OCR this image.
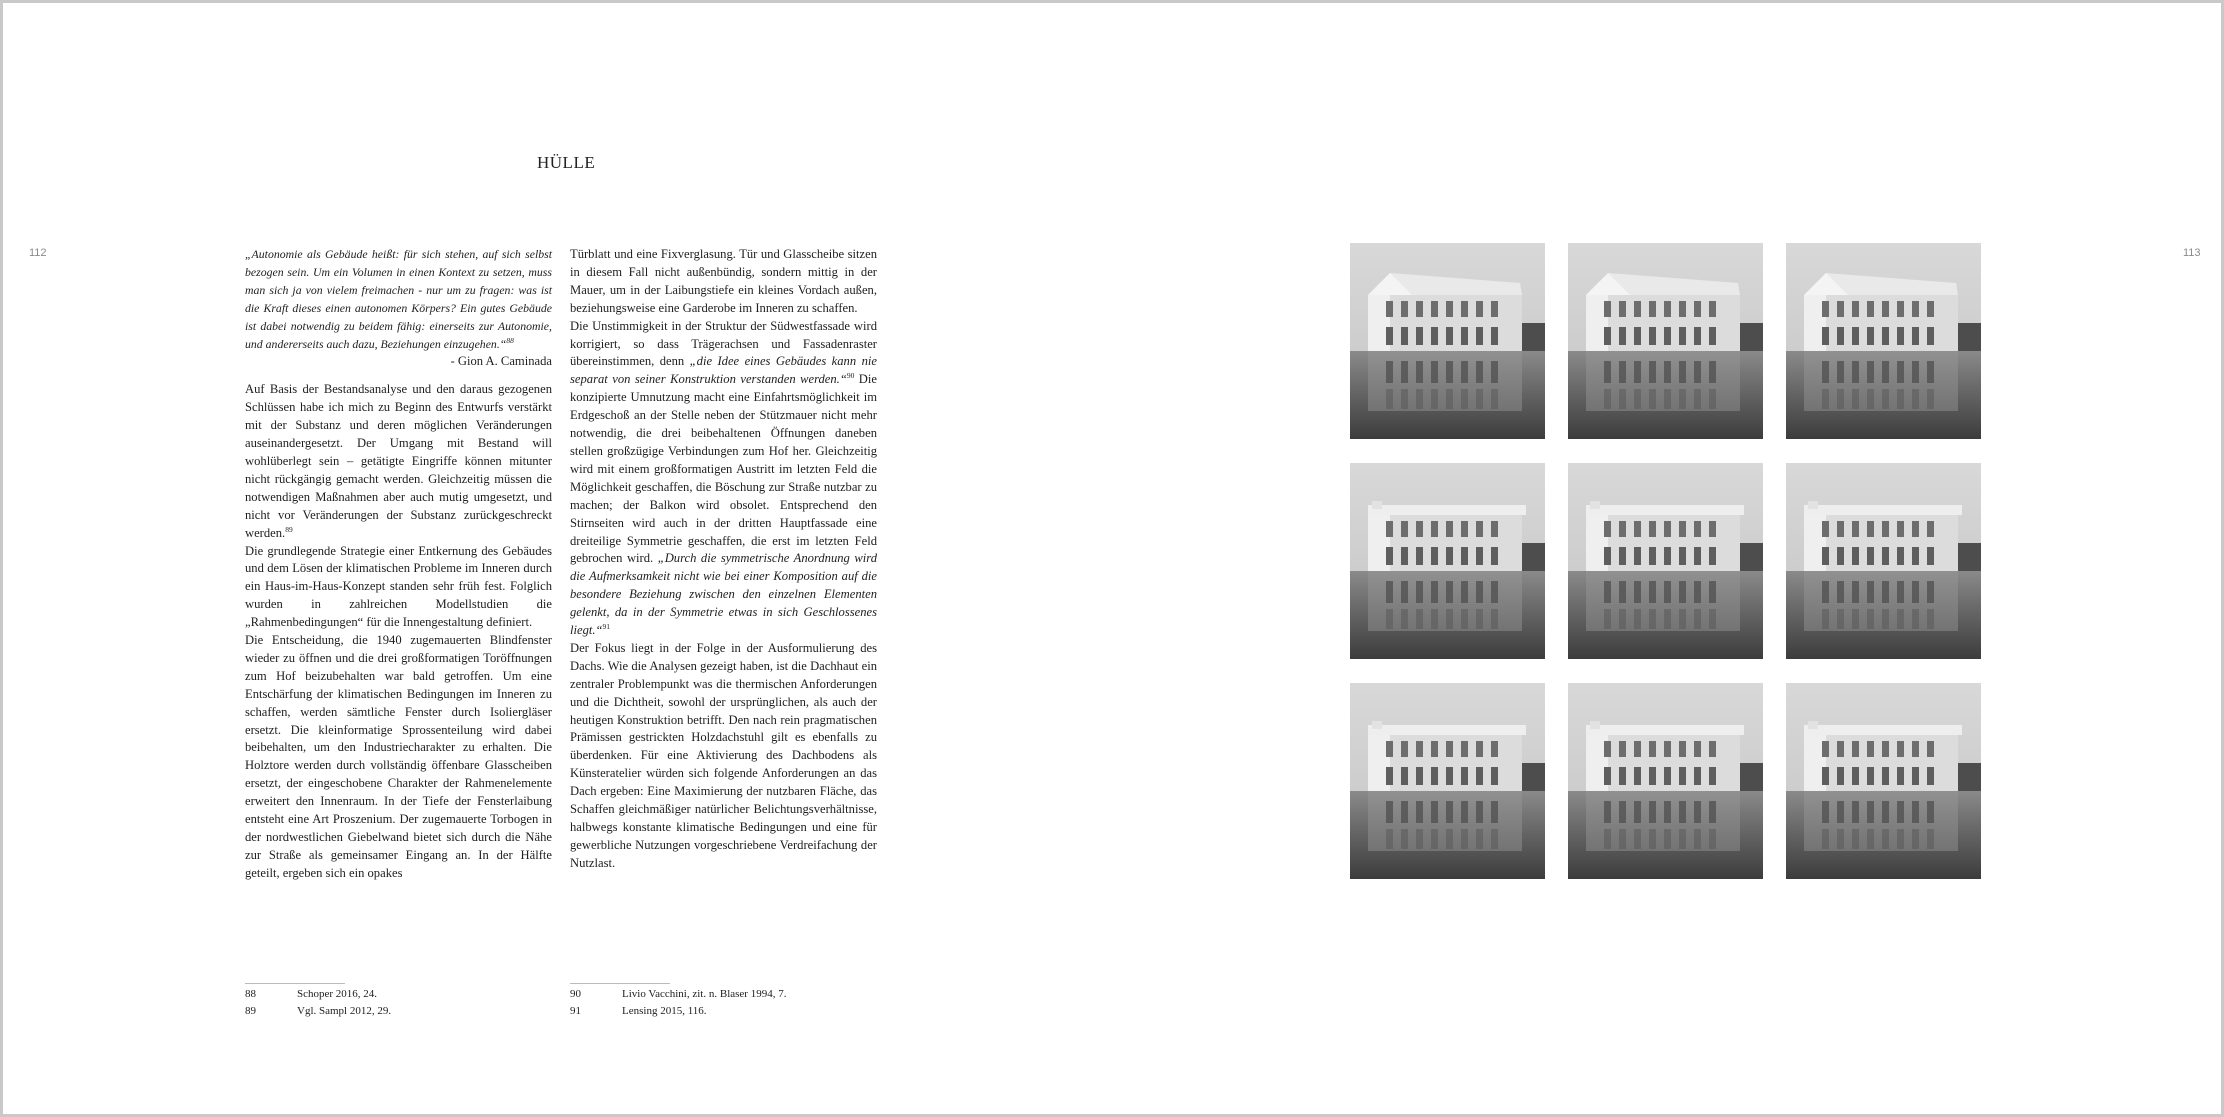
112	113
HÜLLE

„Autonomie als Gebäude heißt: für sich stehen, auf sich selbst bezogen sein. Um ein Volumen in einen Kontext zu setzen, muss man sich ja von vielem freimachen - nur um zu fragen: was ist die Kraft dieses einen autonomen Körpers? Ein gutes Gebäude ist dabei notwendig zu beidem fähig: einerseits zur Autonomie, und andererseits auch dazu, Beziehungen einzugehen.“$^{88}$

- Gion A. Caminada

Auf Basis der Bestandsanalyse und den daraus gezogenen Schlüssen habe ich mich zu Beginn des Entwurfs verstärkt mit der Substanz und deren möglichen Veränderungen auseinandergesetzt. Der Umgang mit Bestand will wohlüberlegt sein – getätigte Eingriffe können mitunter nicht rückgängig gemacht werden. Gleichzeitig müssen die notwendigen Maßnahmen aber auch mutig umgesetzt, und nicht vor Veränderungen der Substanz zurückgeschreckt werden.$^{89}$

Die grundlegende Strategie einer Entkernung des Gebäudes und dem Lösen der klimatischen Probleme im Inneren durch ein Haus-im-Haus-Konzept standen sehr früh fest. Folglich wurden in zahlreichen Modellstudien die „Rahmenbedingungen“ für die Innengestaltung definiert.

Die Entscheidung, die 1940 zugemauerten Blindfenster wieder zu öffnen und die drei großformatigen Toröffnungen zum Hof beizubehalten war bald getroffen. Um eine Entschärfung der klimatischen Bedingungen im Inneren zu schaffen, werden sämtliche Fenster durch Isoliergläser ersetzt. Die kleinformatige Sprossenteilung wird dabei beibehalten, um den Industriecharakter zu erhalten. Die Holztore werden durch vollständig öffenbare Glasscheiben ersetzt, der eingeschobene Charakter der Rahmenelemente erweitert den Innenraum. In der Tiefe der Fensterlaibung entsteht eine Art Proszenium. Der zugemauerte Torbogen in der nordwestlichen Giebelwand bietet sich durch die Nähe zur Straße als gemeinsamer Eingang an. In der Hälfte geteilt, ergeben sich ein opakes

Türblatt und eine Fixverglasung. Tür und Glasscheibe sitzen in diesem Fall nicht außenbündig, sondern mittig in der Mauer, um in der Laibungstiefe ein kleines Vordach außen, beziehungsweise eine Garderobe im Inneren zu schaffen.

Die Unstimmigkeit in der Struktur der Südwestfassade wird korrigiert, so dass Trägerachsen und Fassadenraster übereinstimmen, denn „die Idee eines Gebäudes kann nie separat von seiner Konstruktion verstanden werden.“$^{90}$ Die konzipierte Umnutzung macht eine Einfahrtsmöglichkeit im Erdgeschoß an der Stelle neben der Stützmauer nicht mehr notwendig, die drei beibehaltenen Öffnungen daneben stellen großzügige Verbindungen zum Hof her. Gleichzeitig wird mit einem großformatigen Austritt im letzten Feld die Möglichkeit geschaffen, die Böschung zur Straße nutzbar zu machen; der Balkon wird obsolet. Entsprechend den Stirnseiten wird auch in der dritten Hauptfassade eine dreiteilige Symmetrie geschaffen, die erst im letzten Feld gebrochen wird. „Durch die symmetrische Anordnung wird die Aufmerksamkeit nicht wie bei einer Komposition auf die besondere Beziehung zwischen den einzelnen Elementen gelenkt, da in der Symmetrie etwas in sich Geschlossenes liegt.“$^{91}$

Der Fokus liegt in der Folge in der Ausformulierung des Dachs. Wie die Analysen gezeigt haben, ist die Dachhaut ein zentraler Problempunkt was die thermischen Anforderungen und die Dichtheit, sowohl der ursprünglichen, als auch der heutigen Konstruktion betrifft. Den nach rein pragmatischen Prämissen gestrickten Holzdachstuhl gilt es ebenfalls zu überdenken. Für eine Aktivierung des Dachbodens als Künsteratelier würden sich folgende Anforderungen an das Dach ergeben: Eine Maximierung der nutzbaren Fläche, das Schaffen gleichmäßiger natürlicher Belichtungsverhältnisse, halbwegs konstante klimatische Bedingungen und eine für gewerbliche Nutzungen vorgeschriebene Verdreifachung der Nutzlast.

88	Schoper 2016, 24.
89	Vgl. Sampl 2012, 29.
90	Livio Vacchini, zit. n. Blaser 1994, 7.
91	Lensing 2015, 116.
